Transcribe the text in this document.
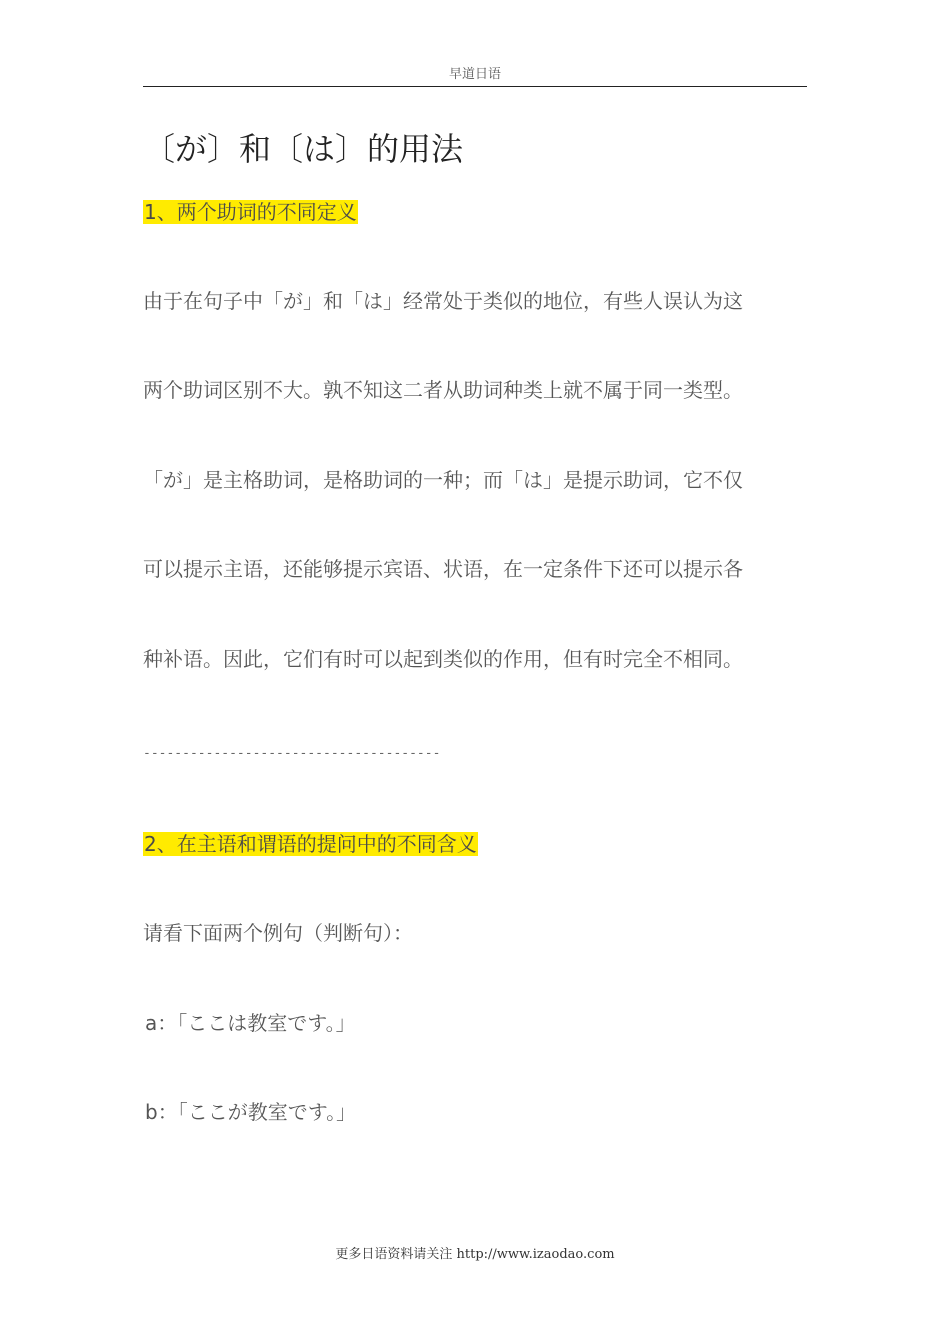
早道日语
〔が〕和〔は〕的用法
1、两个助词的不同定义

由于在句子中「が」和「は」经常处于类似的地位，有些人误认为这

两个助词区别不大。孰不知这二者从助词种类上就不属于同一类型。

「が」是主格助词，是格助词的一种；而「は」是提示助词，它不仅

可以提示主语，还能够提示宾语、状语，在一定条件下还可以提示各

种补语。因此，它们有时可以起到类似的作用，但有时完全不相同。

--------------------------------------
2、在主语和谓语的提问中的不同含义

请看下面两个例句（判断句）：

a：「ここは教室です。」

b：「ここが教室です。」

更多日语资料请关注 http://www.izaodao.com
